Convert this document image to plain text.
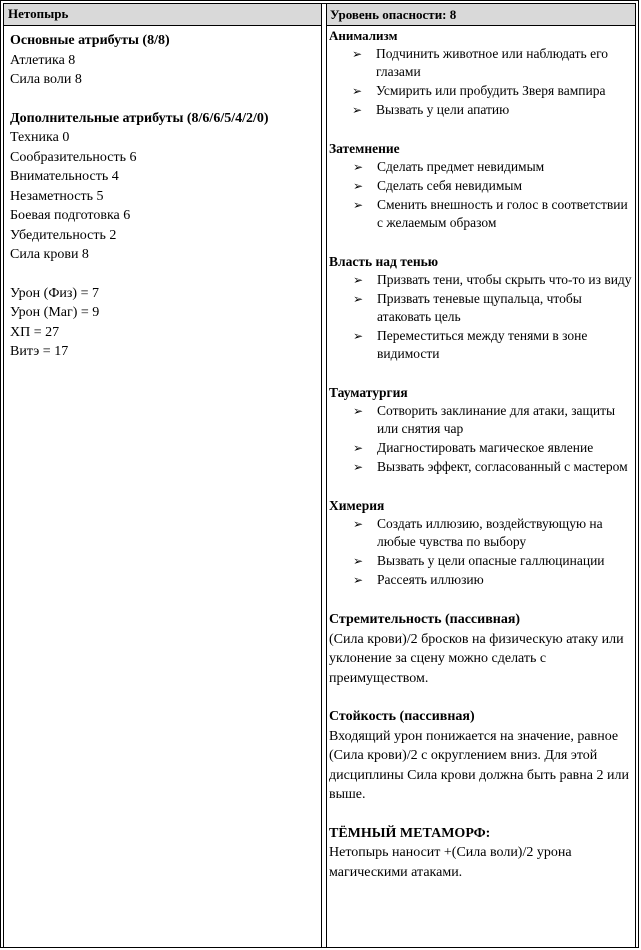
Нетопырь	Уровень опасности: 8
Основные атрибуты (8/8)
Атлетика 8
Сила воли 8
Дополнительные атрибуты (8/6/6/5/4/2/0)
Техника 0
Сообразительность 6
Внимательность 4
Незаметность 5
Боевая подготовка 6
Убедительность 2
Сила крови 8
Урон (Физ) = 7
Урон (Маг) = 9
ХП = 27
Витэ = 17
Анимализм
➢ Подчинить животное или наблюдать его глазами
➢ Усмирить или пробудить Зверя вампира
➢ Вызвать у цели апатию
Затемнение
➢ Сделать предмет невидимым
➢ Сделать себя невидимым
➢ Сменить внешность и голос в соответствии с желаемым образом
Власть над тенью
➢ Призвать тени, чтобы скрыть что-то из виду
➢ Призвать теневые щупальца, чтобы атаковать цель
➢ Переместиться между тенями в зоне видимости
Тауматургия
➢ Сотворить заклинание для атаки, защиты или снятия чар
➢ Диагностировать магическое явление
➢ Вызвать эффект, согласованный с мастером
Химерия
➢ Создать иллюзию, воздействующую на любые чувства по выбору
➢ Вызвать у цели опасные галлюцинации
➢ Рассеять иллюзию
Стремительность (пассивная)
(Сила крови)/2 бросков на физическую атаку или уклонение за сцену можно сделать с преимуществом.
Стойкость (пассивная)
Входящий урон понижается на значение, равное (Сила крови)/2 с округлением вниз. Для этой дисциплины Сила крови должна быть равна 2 или выше.
ТЁМНЫЙ МЕТАМОРФ:
Нетопырь наносит +(Сила воли)/2 урона магическими атаками.
